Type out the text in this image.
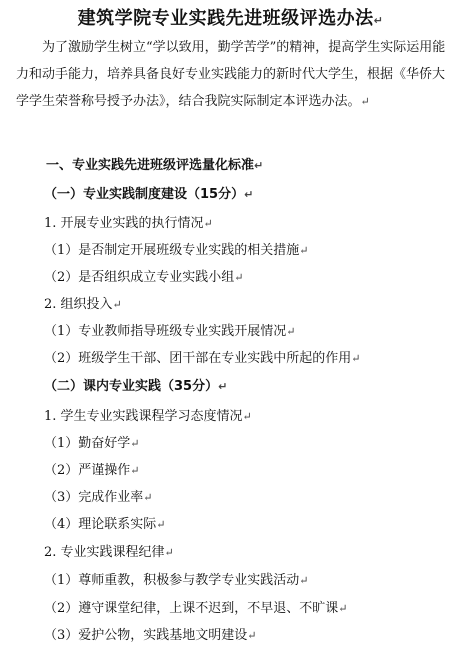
建筑学院专业实践先进班级评选办法↵
为了激励学生树立“学以致用，勤学苦学”的精神，提高学生实际运用能力和动手能力，培养具备良好专业实践能力的新时代大学生，根据《华侨大学学生荣誉称号授予办法》，结合我院实际制定本评选办法。↵
一、专业实践先进班级评选量化标准↵
（一）专业实践制度建设（15分）↵
1. 开展专业实践的执行情况↵
（1）是否制定开展班级专业实践的相关措施↵
（2）是否组织成立专业实践小组↵
2. 组织投入↵
（1）专业教师指导班级专业实践开展情况↵
（2）班级学生干部、团干部在专业实践中所起的作用↵
（二）课内专业实践（35分）↵
1. 学生专业实践课程学习态度情况↵
（1）勤奋好学↵
（2）严谨操作↵
（3）完成作业率↵
（4）理论联系实际↵
2. 专业实践课程纪律↵
（1）尊师重教，积极参与教学专业实践活动↵
（2）遵守课堂纪律，上课不迟到，不早退、不旷课↵
（3）爱护公物，实践基地文明建设↵
